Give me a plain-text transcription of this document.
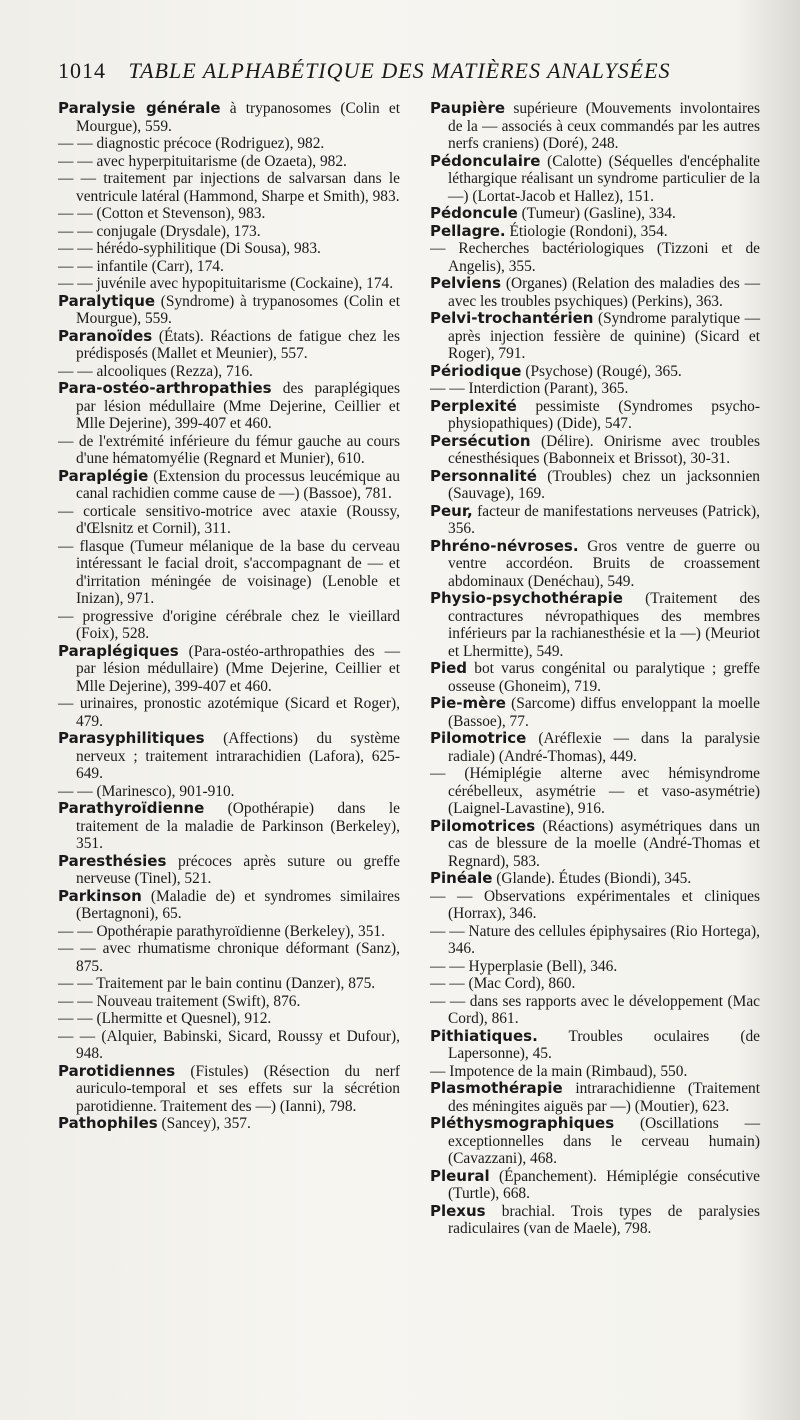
1014 TABLE ALPHABÉTIQUE DES MATIÈRES ANALYSÉES
Paralysie générale à trypanosomes (Colin et Mourgue), 559.
— — diagnostic précoce (Rodriguez), 982.
— — avec hyperpituitarisme (de Ozaeta), 982.
— — traitement par injections de salvarsan dans le ventricule latéral (Hammond, Sharpe et Smith), 983.
— — (Cotton et Stevenson), 983.
— — conjugale (Drysdale), 173.
— — hérédo-syphilitique (Di Sousa), 983.
— — infantile (Carr), 174.
— — juvénile avec hypopituitarisme (Cockaine), 174.
Paralytique (Syndrome) à trypanosomes (Colin et Mourgue), 559.
Paranoïdes (États). Réactions de fatigue chez les prédisposés (Mallet et Meunier), 557.
— — alcooliques (Rezza), 716.
Para-ostéo-arthropathies des paraplégiques par lésion médullaire (Mme Dejerine, Ceillier et Mlle Dejerine), 399-407 et 460.
— de l'extrémité inférieure du fémur gauche au cours d'une hématomyélie (Regnard et Munier), 610.
Paraplégie (Extension du processus leucémique au canal rachidien comme cause de —) (Bassoe), 781.
— corticale sensitivo-motrice avec ataxie (Roussy, d'Œlsnitz et Cornil), 311.
— flasque (Tumeur mélanique de la base du cerveau intéressant le facial droit, s'accompagnant de — et d'irritation méningée de voisinage) (Lenoble et Inizan), 971.
— progressive d'origine cérébrale chez le vieillard (Foix), 528.
Paraplégiques (Para-ostéo-arthropathies des — par lésion médullaire) (Mme Dejerine, Ceillier et Mlle Dejerine), 399-407 et 460.
— urinaires, pronostic azotémique (Sicard et Roger), 479.
Parasyphilitiques (Affections) du système nerveux ; traitement intrarachidien (Lafora), 625-649.
— — (Marinesco), 901-910.
Parathyroïdienne (Opothérapie) dans le traitement de la maladie de Parkinson (Berkeley), 351.
Paresthésies précoces après suture ou greffe nerveuse (Tinel), 521.
Parkinson (Maladie de) et syndromes similaires (Bertagnoni), 65.
— — Opothérapie parathyroïdienne (Berkeley), 351.
— — avec rhumatisme chronique déformant (Sanz), 875.
— — Traitement par le bain continu (Danzer), 875.
— — Nouveau traitement (Swift), 876.
— — (Lhermitte et Quesnel), 912.
— — (Alquier, Babinski, Sicard, Roussy et Dufour), 948.
Parotidiennes (Fistules) (Résection du nerf auriculo-temporal et ses effets sur la sécrétion parotidienne. Traitement des —) (Ianni), 798.
Pathophiles (Sancey), 357.
Paupière supérieure (Mouvements involontaires de la — associés à ceux commandés par les autres nerfs craniens) (Doré), 248.
Pédonculaire (Calotte) (Séquelles d'encéphalite léthargique réalisant un syndrome particulier de la —) (Lortat-Jacob et Hallez), 151.
Pédoncule (Tumeur) (Gasline), 334.
Pellagre. Étiologie (Rondoni), 354.
— Recherches bactériologiques (Tizzoni et de Angelis), 355.
Pelviens (Organes) (Relation des maladies des — avec les troubles psychiques) (Perkins), 363.
Pelvi-trochantérien (Syndrome paralytique — après injection fessière de quinine) (Sicard et Roger), 791.
Périodique (Psychose) (Rougé), 365.
— — Interdiction (Parant), 365.
Perplexité pessimiste (Syndromes psycho-physiopathiques) (Dide), 547.
Persécution (Délire). Onirisme avec troubles cénesthésiques (Babonneix et Brissot), 30-31.
Personnalité (Troubles) chez un jacksonnien (Sauvage), 169.
Peur, facteur de manifestations nerveuses (Patrick), 356.
Phréno-névroses. Gros ventre de guerre ou ventre accordéon. Bruits de croassement abdominaux (Denéchau), 549.
Physio-psychothérapie (Traitement des contractures névropathiques des membres inférieurs par la rachianesthésie et la —) (Meuriot et Lhermitte), 549.
Pied bot varus congénital ou paralytique ; greffe osseuse (Ghoneim), 719.
Pie-mère (Sarcome) diffus enveloppant la moelle (Bassoe), 77.
Pilomotrice (Aréflexie — dans la paralysie radiale) (André-Thomas), 449.
— (Hémiplégie alterne avec hémisyndrome cérébelleux, asymétrie — et vaso-asymétrie) (Laignel-Lavastine), 916.
Pilomotrices (Réactions) asymétriques dans un cas de blessure de la moelle (André-Thomas et Regnard), 583.
Pinéale (Glande). Études (Biondi), 345.
— — Observations expérimentales et cliniques (Horrax), 346.
— — Nature des cellules épiphysaires (Rio Hortega), 346.
— — Hyperplasie (Bell), 346.
— — (Mac Cord), 860.
— — dans ses rapports avec le développement (Mac Cord), 861.
Pithiatiques. Troubles oculaires (de Lapersonne), 45.
— Impotence de la main (Rimbaud), 550.
Plasmothérapie intrarachidienne (Traitement des méningites aiguës par —) (Moutier), 623.
Pléthysmographiques (Oscillations — exceptionnelles dans le cerveau humain) (Cavazzani), 468.
Pleural (Épanchement). Hémiplégie consécutive (Turtle), 668.
Plexus brachial. Trois types de paralysies radiculaires (van de Maele), 798.
